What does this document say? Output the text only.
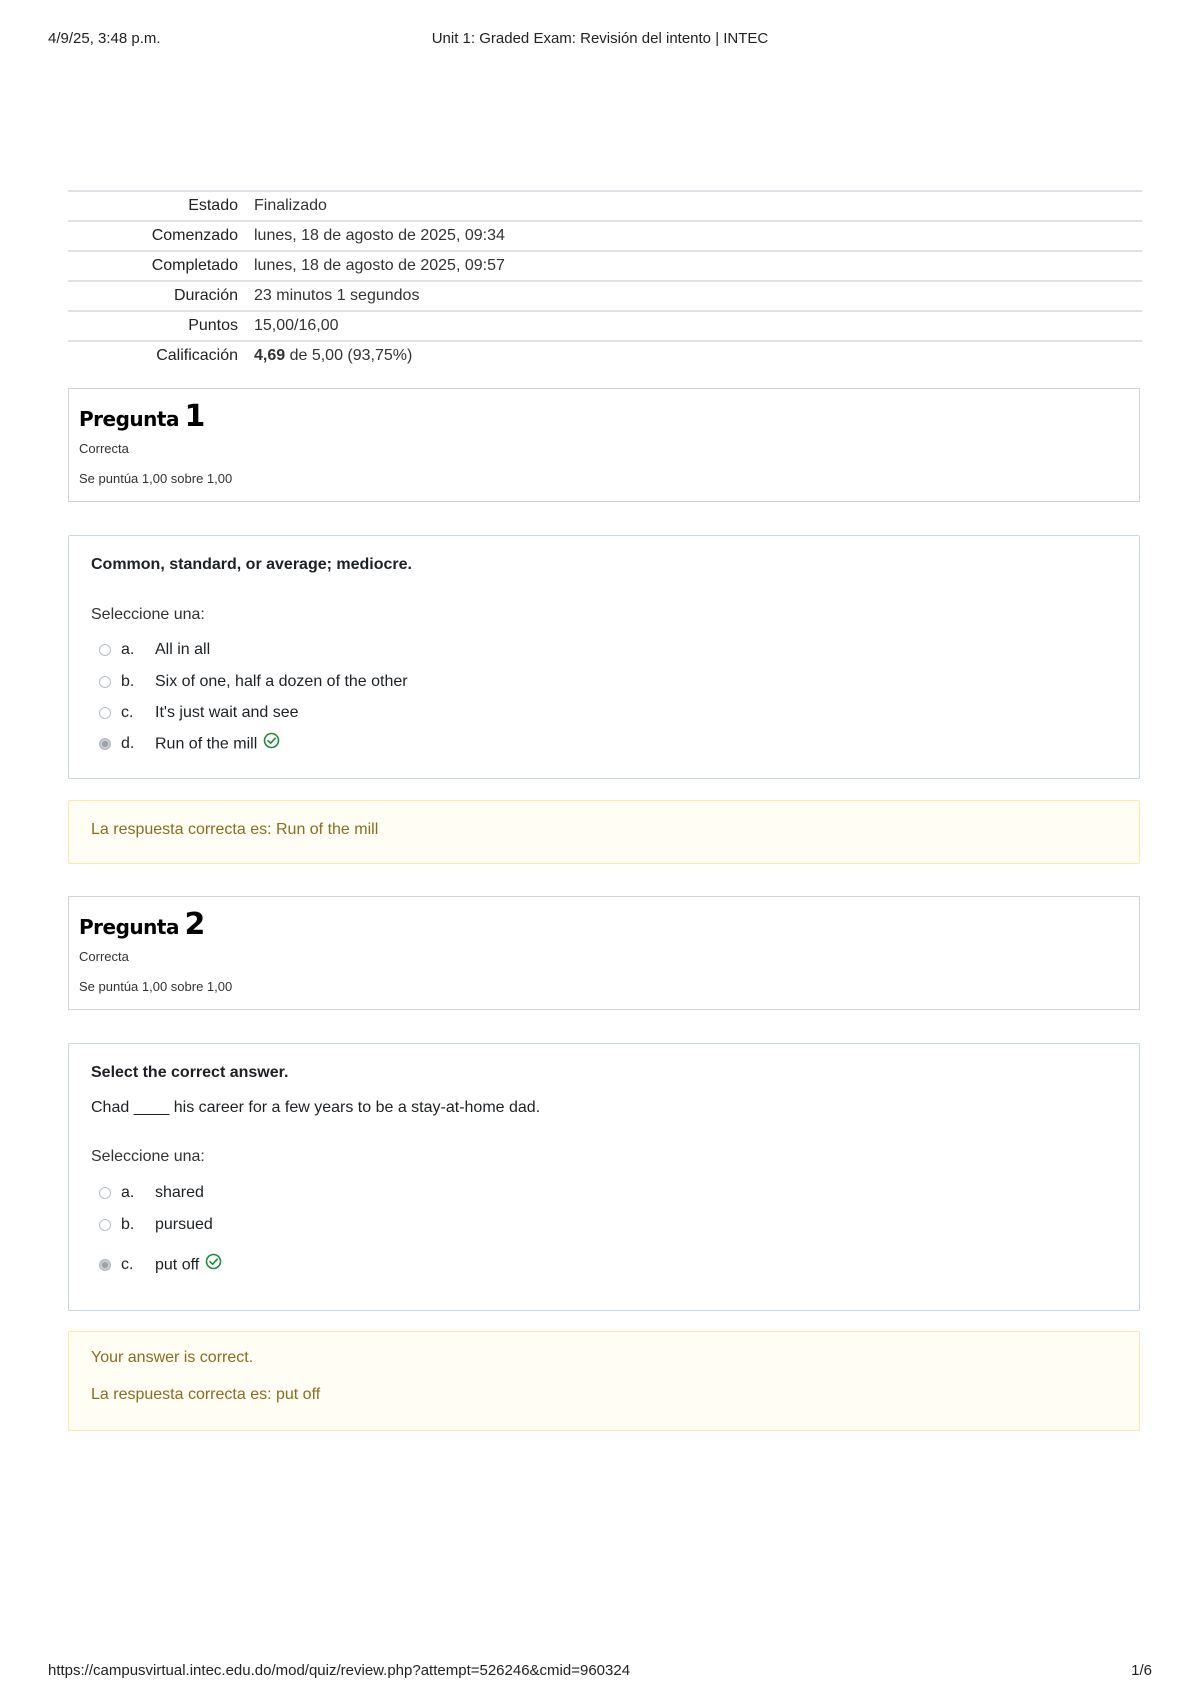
4/9/25, 3:48 p.m.	Unit 1: Graded Exam: Revisión del intento | INTEC
Estado	Finalizado
Comenzado	lunes, 18 de agosto de 2025, 09:34
Completado	lunes, 18 de agosto de 2025, 09:57
Duración	23 minutos 1 segundos
Puntos	15,00/16,00
Calificación	4,69 de 5,00 (93,75%)
Pregunta 1
Correcta
Se puntúa 1,00 sobre 1,00
Common, standard, or average; mediocre.
Seleccione una:
a. All in all
b. Six of one, half a dozen of the other
c. It's just wait and see
d. Run of the mill
La respuesta correcta es: Run of the mill
Pregunta 2
Correcta
Se puntúa 1,00 sobre 1,00
Select the correct answer.
Chad ____ his career for a few years to be a stay-at-home dad.
Seleccione una:
a. shared
b. pursued
c. put off
Your answer is correct.
La respuesta correcta es: put off
https://campusvirtual.intec.edu.do/mod/quiz/review.php?attempt=526246&cmid=960324	1/6
